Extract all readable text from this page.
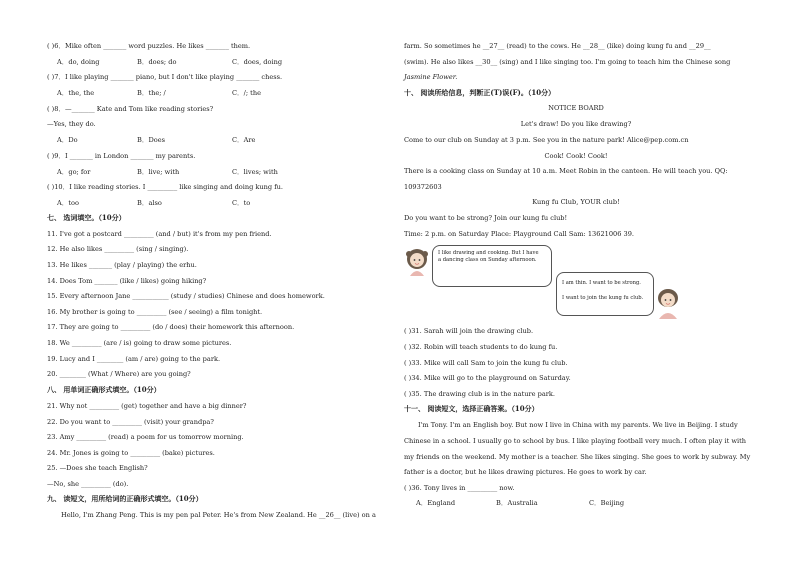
( )6．Mike often _______ word puzzles. He likes _______ them.
A．do, doing	B．does; do	C．does, doing
( )7．I like playing _______ piano, but I don't like playing _______ chess.
A．the, the	B．the; /	C．/; the
( )8．—_______ Kate and Tom like reading stories?
—Yes, they do.
A．Do	B．Does	C．Are
( )9．I _______ in London _______ my parents.
A．go; for	B．live; with	C．lives; with
( )10．I like reading stories. I _________ like singing and doing kung fu.
A．too	B．also	C．to
七、 选词填空。（10分）
11. I've got a postcard _________ (and / but) it's from my pen friend.
12. He also likes _________ (sing / singing).
13. He likes _______ (play / playing) the erhu.
14. Does Tom _______ (like / likes) going hiking?
15. Every afternoon Jane ___________ (study / studies) Chinese and does homework.
16. My brother is going to _________ (see / seeing) a film tonight.
17. They are going to _________ (do / does) their homework this afternoon.
18. We _________ (are / is) going to draw some pictures.
19. Lucy and I ________ (am / are) going to the park.
20. ________ (What / Where) are you going?
八、 用单词正确形式填空。（10分）
21. Why not _________ (get) together and have a big dinner?
22. Do you want to _________ (visit) your grandpa?
23. Amy _________ (read) a poem for us tomorrow morning.
24. Mr. Jones is going to _________ (bake) pictures.
25. —Does she teach English?
—No, she _________ (do).
九、 读短文，用所给词的正确形式填空。（10分）
Hello, I'm Zhang Peng. This is my pen pal Peter. He's from New Zealand. He __26__ (live) on a
farm. So sometimes he __27__ (read) to the cows. He __28__ (like) doing kung fu and __29__
(swim). He also likes __30__ (sing) and I like singing too. I'm going to teach him the Chinese song
Jasmine Flower.
十、 阅读所给信息，判断正(T)误(F)。（10分）
NOTICE BOARD
Let's draw! Do you like drawing?
Come to our club on Sunday at 3 p.m. See you in the nature park! Alice@pep.com.cn
Cook! Cook! Cook!
There is a cooking class on Sunday at 10 a.m. Meet Robin in the canteen. He will teach you. QQ:
109372603
Kung fu Club, YOUR club!
Do you want to be strong? Join our kung fu club!
Time: 2 p.m. on Saturday Place: Playground Call Sam: 13621006 39.
I like drawing and cooking. But I have
a dancing class on Sunday afternoon.
I am thin. I want to be strong.
I want to join the kung fu club.
( )31. Sarah will join the drawing club.
( )32. Robin will teach students to do kung fu.
( )33. Mike will call Sam to join the kung fu club.
( )34. Mike will go to the playground on Saturday.
( )35. The drawing club is in the nature park.
十一、 阅读短文，选择正确答案。（10分）
I'm Tony. I'm an English boy. But now I live in China with my parents. We live in Beijing. I study
Chinese in a school. I usually go to school by bus. I like playing football very much. I often play it with
my friends on the weekend. My mother is a teacher. She likes singing. She goes to work by subway. My
father is a doctor, but he likes drawing pictures. He goes to work by car.
( )36. Tony lives in _________ now.
A．England	B．Australia	C．Beijing
